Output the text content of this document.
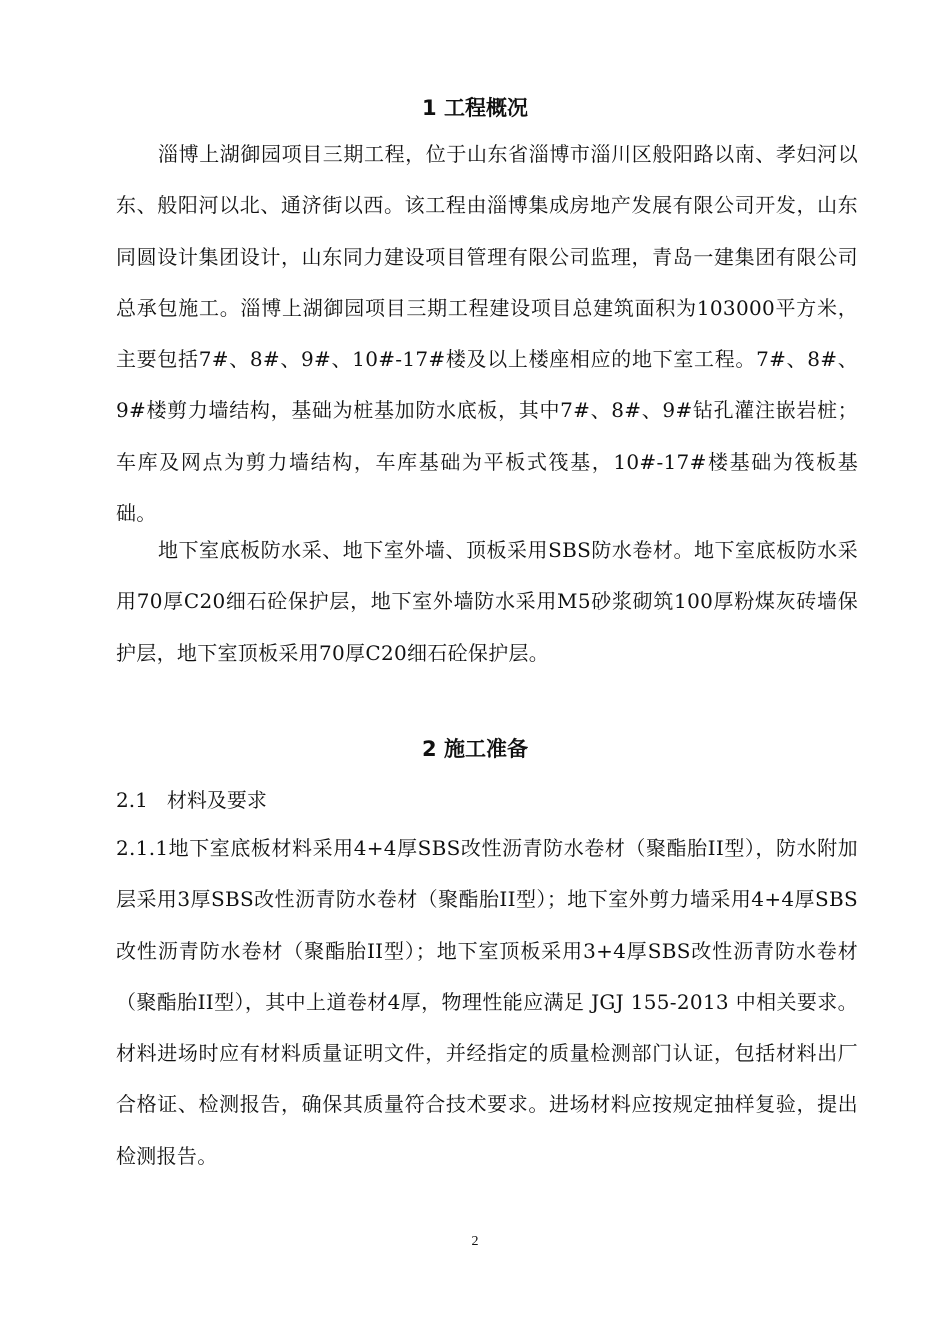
1 工程概况

淄博上湖御园项目三期工程，位于山东省淄博市淄川区般阳路以南、孝妇河以东、般阳河以北、通济街以西。该工程由淄博集成房地产发展有限公司开发，山东同圆设计集团设计，山东同力建设项目管理有限公司监理，青岛一建集团有限公司总承包施工。淄博上湖御园项目三期工程建设项目总建筑面积为103000平方米，主要包括7#、8#、9#、10#-17#楼及以上楼座相应的地下室工程。7#、8#、9#楼剪力墙结构，基础为桩基加防水底板，其中7#、8#、9#钻孔灌注嵌岩桩；车库及网点为剪力墙结构，车库基础为平板式筏基，10#-17#楼基础为筏板基础。

地下室底板防水采、地下室外墙、顶板采用SBS防水卷材。地下室底板防水采用70厚C20细石砼保护层，地下室外墙防水采用M5砂浆砌筑100厚粉煤灰砖墙保护层，地下室顶板采用70厚C20细石砼保护层。

2 施工准备

2.1   材料及要求

2.1.1地下室底板材料采用4+4厚SBS改性沥青防水卷材（聚酯胎II型），防水附加层采用3厚SBS改性沥青防水卷材（聚酯胎II型）；地下室外剪力墙采用4+4厚SBS改性沥青防水卷材（聚酯胎II型）；地下室顶板采用3+4厚SBS改性沥青防水卷材（聚酯胎II型），其中上道卷材4厚，物理性能应满足 JGJ 155-2013 中相关要求。材料进场时应有材料质量证明文件，并经指定的质量检测部门认证，包括材料出厂合格证、检测报告，确保其质量符合技术要求。进场材料应按规定抽样复验，提出检测报告。

2
